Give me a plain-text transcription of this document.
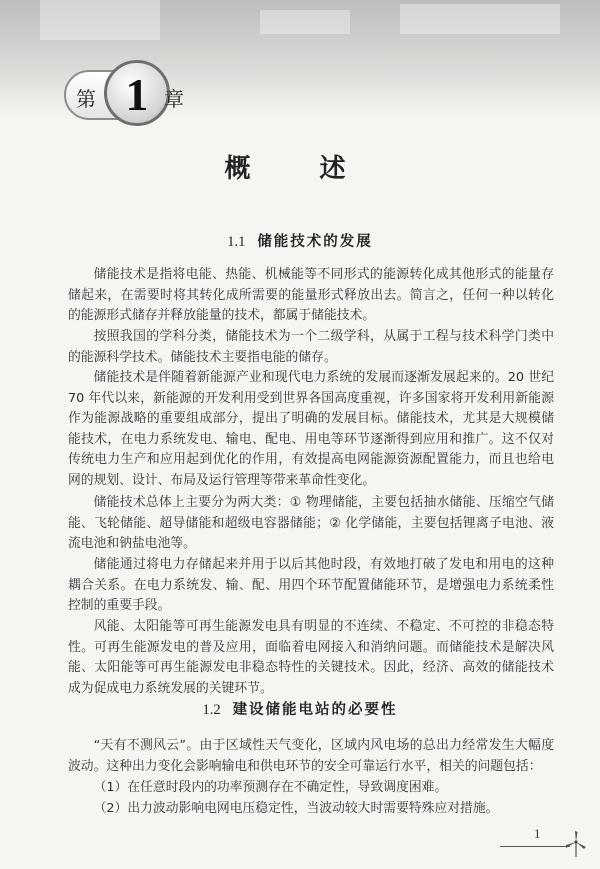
第 1 章
概 述
1.1 储能技术的发展

储能技术是指将电能、热能、机械能等不同形式的能源转化成其他形式的能量存储起来，在需要时将其转化成所需要的能量形式释放出去。简言之，任何一种以转化的能源形式储存并释放能量的技术，都属于储能技术。

按照我国的学科分类，储能技术为一个二级学科，从属于工程与技术科学门类中的能源科学技术。储能技术主要指电能的储存。

储能技术是伴随着新能源产业和现代电力系统的发展而逐渐发展起来的。20 世纪 70 年代以来，新能源的开发利用受到世界各国高度重视，许多国家将开发利用新能源作为能源战略的重要组成部分，提出了明确的发展目标。储能技术，尤其是大规模储能技术，在电力系统发电、输电、配电、用电等环节逐渐得到应用和推广。这不仅对传统电力生产和应用起到优化的作用，有效提高电网能源资源配置能力，而且也给电网的规划、设计、布局及运行管理等带来革命性变化。

储能技术总体上主要分为两大类：① 物理储能，主要包括抽水储能、压缩空气储能、飞轮储能、超导储能和超级电容器储能；② 化学储能，主要包括锂离子电池、液流电池和钠盐电池等。

储能通过将电力存储起来并用于以后其他时段，有效地打破了发电和用电的这种耦合关系。在电力系统发、输、配、用四个环节配置储能环节，是增强电力系统柔性控制的重要手段。

风能、太阳能等可再生能源发电具有明显的不连续、不稳定、不可控的非稳态特性。可再生能源发电的普及应用，面临着电网接入和消纳问题。而储能技术是解决风能、太阳能等可再生能源发电非稳态特性的关键技术。因此，经济、高效的储能技术成为促成电力系统发展的关键环节。

1.2 建设储能电站的必要性

“天有不测风云”。由于区域性天气变化，区域内风电场的总出力经常发生大幅度波动。这种出力变化会影响输电和供电环节的安全可靠运行水平，相关的问题包括：

（1）在任意时段内的功率预测存在不确定性，导致调度困难。

（2）出力波动影响电网电压稳定性，当波动较大时需要特殊应对措施。

1
